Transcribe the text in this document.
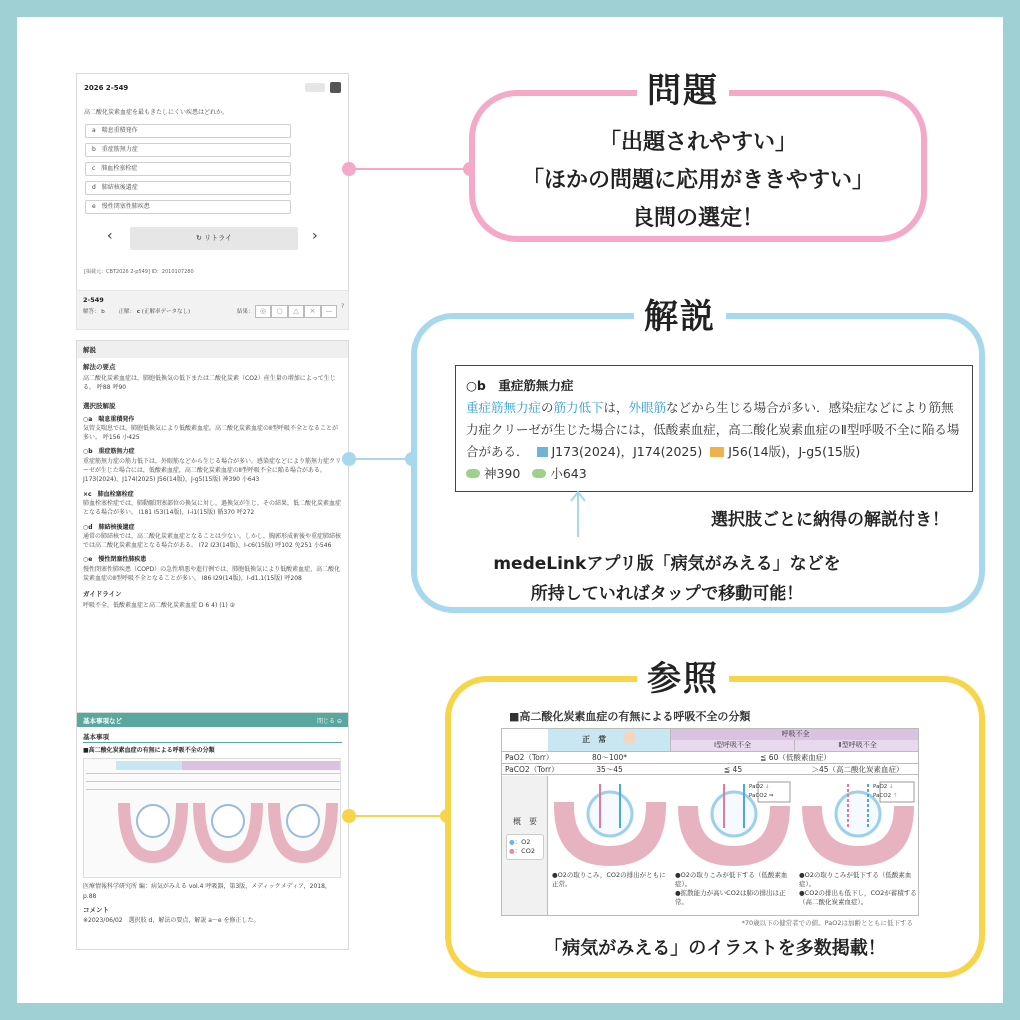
2026 2-549
高二酸化炭素血症を最もきたしにくい疾患はどれか。
a　喘息重積発作
b　重症筋無力症
c　肺血栓塞栓症
d　肺結核後遺症
e　慢性閉塞性肺疾患
‹	↻ リトライ	›
[掲載元：CBT2026 2-p549] ID：2010107280
2-549
解答： b	正解： c (正解率データなし)	結果： ◎	○	△	×	—
?
解説
解法の要点
高二酸化炭素血症は，肺胞低換気の低下または二酸化炭素（CO2）産生量の増加によって生じる。 呼88 呼90
選択肢解説
○a　 喘息重積発作
気管支喘息では，肺胞低換気により低酸素血症。高二酸化炭素血症のⅡ型呼吸不全となることが多い。 呼156 小425
○b　 重症筋無力症
重症筋無力症の筋力低下は，外眼筋などから生じる場合が多い。感染症などにより筋無力症クリーゼが生じた場合には，低酸素血症，高二酸化炭素血症のⅡ型呼吸不全に陥る場合がある。 J173(2024)，J174(2025) J56(14版)，J-g5(15版) 神390 小643
×c　 肺血栓塞栓症
肺血栓塞栓症では，肺動脈閉塞部位の換気に対し，過換気が生じ，その結果，低二酸化炭素血症となる場合が多い。 I181 I53(14版)，I-i1(15版) 循370 呼272
○d　 肺結核後遺症
通常の肺結核では，高二酸化炭素血症となることは少ない。しかし，胸郭形成術後や重症肺結核では高二酸化炭素血症となる場合がある。 I72 I23(14版)，I-c6(15版) 呼102 免251 小546
○e　 慢性閉塞性肺疾患
慢性閉塞性肺疾患（COPD）の急性増悪や進行例では，肺胞低換気により低酸素血症，高二酸化炭素血症のⅡ型呼吸不全となることが多い。 I86 I29(14版)，I-d1.1(15版) 呼208
ガイドライン
呼吸不全，低酸素血症と高二酸化炭素血症 D 6 4) (1) ②
基本事項など	閉じる ⊖
基本事項
■高二酸化炭素血症の有無による呼吸不全の分類
医療情報科学研究所 編：病気がみえる vol.4 呼吸器，第3版，メディックメディア，2018，p.88
コメント
※2023/06/02　選択肢 d，解法の要点，解説 a～e を修正した。
「出題されやすい」
「ほかの問題に応用がききやすい」
良問の選定！
問題
○b　重症筋無力症
重症筋無力症の筋力低下は，外眼筋などから生じる場合が多い．感染症などにより筋無力症クリーゼが生じた場合には，低酸素血症，高二酸化炭素血症のⅡ型呼吸不全に陥る場合がある． J173(2024)，J174(2025) J56(14版)，J-g5(15版)
神390 小643
選択肢ごとに納得の解説付き！
medeLinkアプリ版「病気がみえる」などを
所持していればタップで移動可能！
解説
■高二酸化炭素血症の有無による呼吸不全の分類
正　常
呼吸不全
Ⅰ型呼吸不全	Ⅱ型呼吸不全
PaO2（Torr）	80～100*	≦ 60（低酸素血症）
PaCO2（Torr）	35～45	≦ 45	＞45（高二酸化炭素血症）
概　要
●：O2
●：CO2
PaO2 ↓
PaCO2 ⇒
PaO2 ↓
PaCO2 ↑
●O2の取りこみ，CO2の排出がともに正常。
●O2の取りこみが低下する（低酸素血症）。
●拡散能力が高いCO2は肺の排出は正常。
●O2の取りこみが低下する（低酸素血症）。
●CO2の排出も低下し，CO2が蓄積する（高二酸化炭素血症）。
*70歳以下の健常者での値。PaO2は加齢とともに低下する
「病気がみえる」のイラストを多数掲載！
参照
